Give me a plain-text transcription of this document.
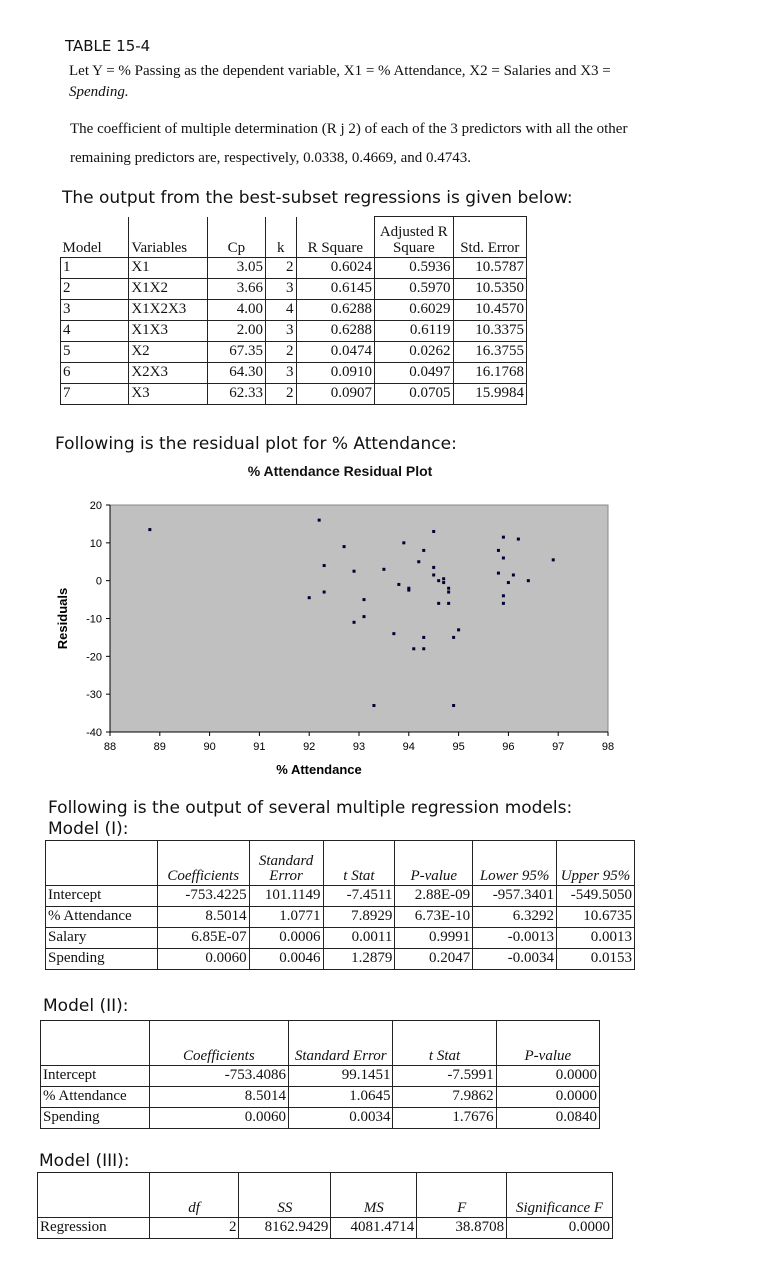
TABLE 15-4
Let Y = % Passing as the dependent variable, X1 = % Attendance, X2 = Salaries and X3 =
Spending.
The coefficient of multiple determination (R j 2) of each of the 3 predictors with all the other
remaining predictors are, respectively, 0.0338, 0.4669, and 0.4743.
The output from the best-subset regressions is given below:
Model	Variables	Cp	k	R Square	Adjusted R Square	Std. Error
1	X1	3.05	2	0.6024	0.5936	10.5787
2	X1X2	3.66	3	0.6145	0.5970	10.5350
3	X1X2X3	4.00	4	0.6288	0.6029	10.4570
4	X1X3	2.00	3	0.6288	0.6119	10.3375
5	X2	67.35	2	0.0474	0.0262	16.3755
6	X2X3	64.30	3	0.0910	0.0497	16.1768
7	X3	62.33	2	0.0907	0.0705	15.9984
Following is the residual plot for % Attendance:
% Attendance Residual Plot
20
10
0
-10
-20
-30
-40
88	89	90	91	92	93	94	95	96	97	98
Residuals
% Attendance
Following is the output of several multiple regression models:
Model (I):
	Coefficients	Standard Error	t Stat	P-value	Lower 95%	Upper 95%
Intercept	-753.4225	101.1149	-7.4511	2.88E-09	-957.3401	-549.5050
% Attendance	8.5014	1.0771	7.8929	6.73E-10	6.3292	10.6735
Salary	6.85E-07	0.0006	0.0011	0.9991	-0.0013	0.0013
Spending	0.0060	0.0046	1.2879	0.2047	-0.0034	0.0153
Model (II):
	Coefficients	Standard Error	t Stat	P-value
Intercept	-753.4086	99.1451	-7.5991	0.0000
% Attendance	8.5014	1.0645	7.9862	0.0000
Spending	0.0060	0.0034	1.7676	0.0840
Model (III):
	df	SS	MS	F	Significance F
Regression	2	8162.9429	4081.4714	38.8708	0.0000
